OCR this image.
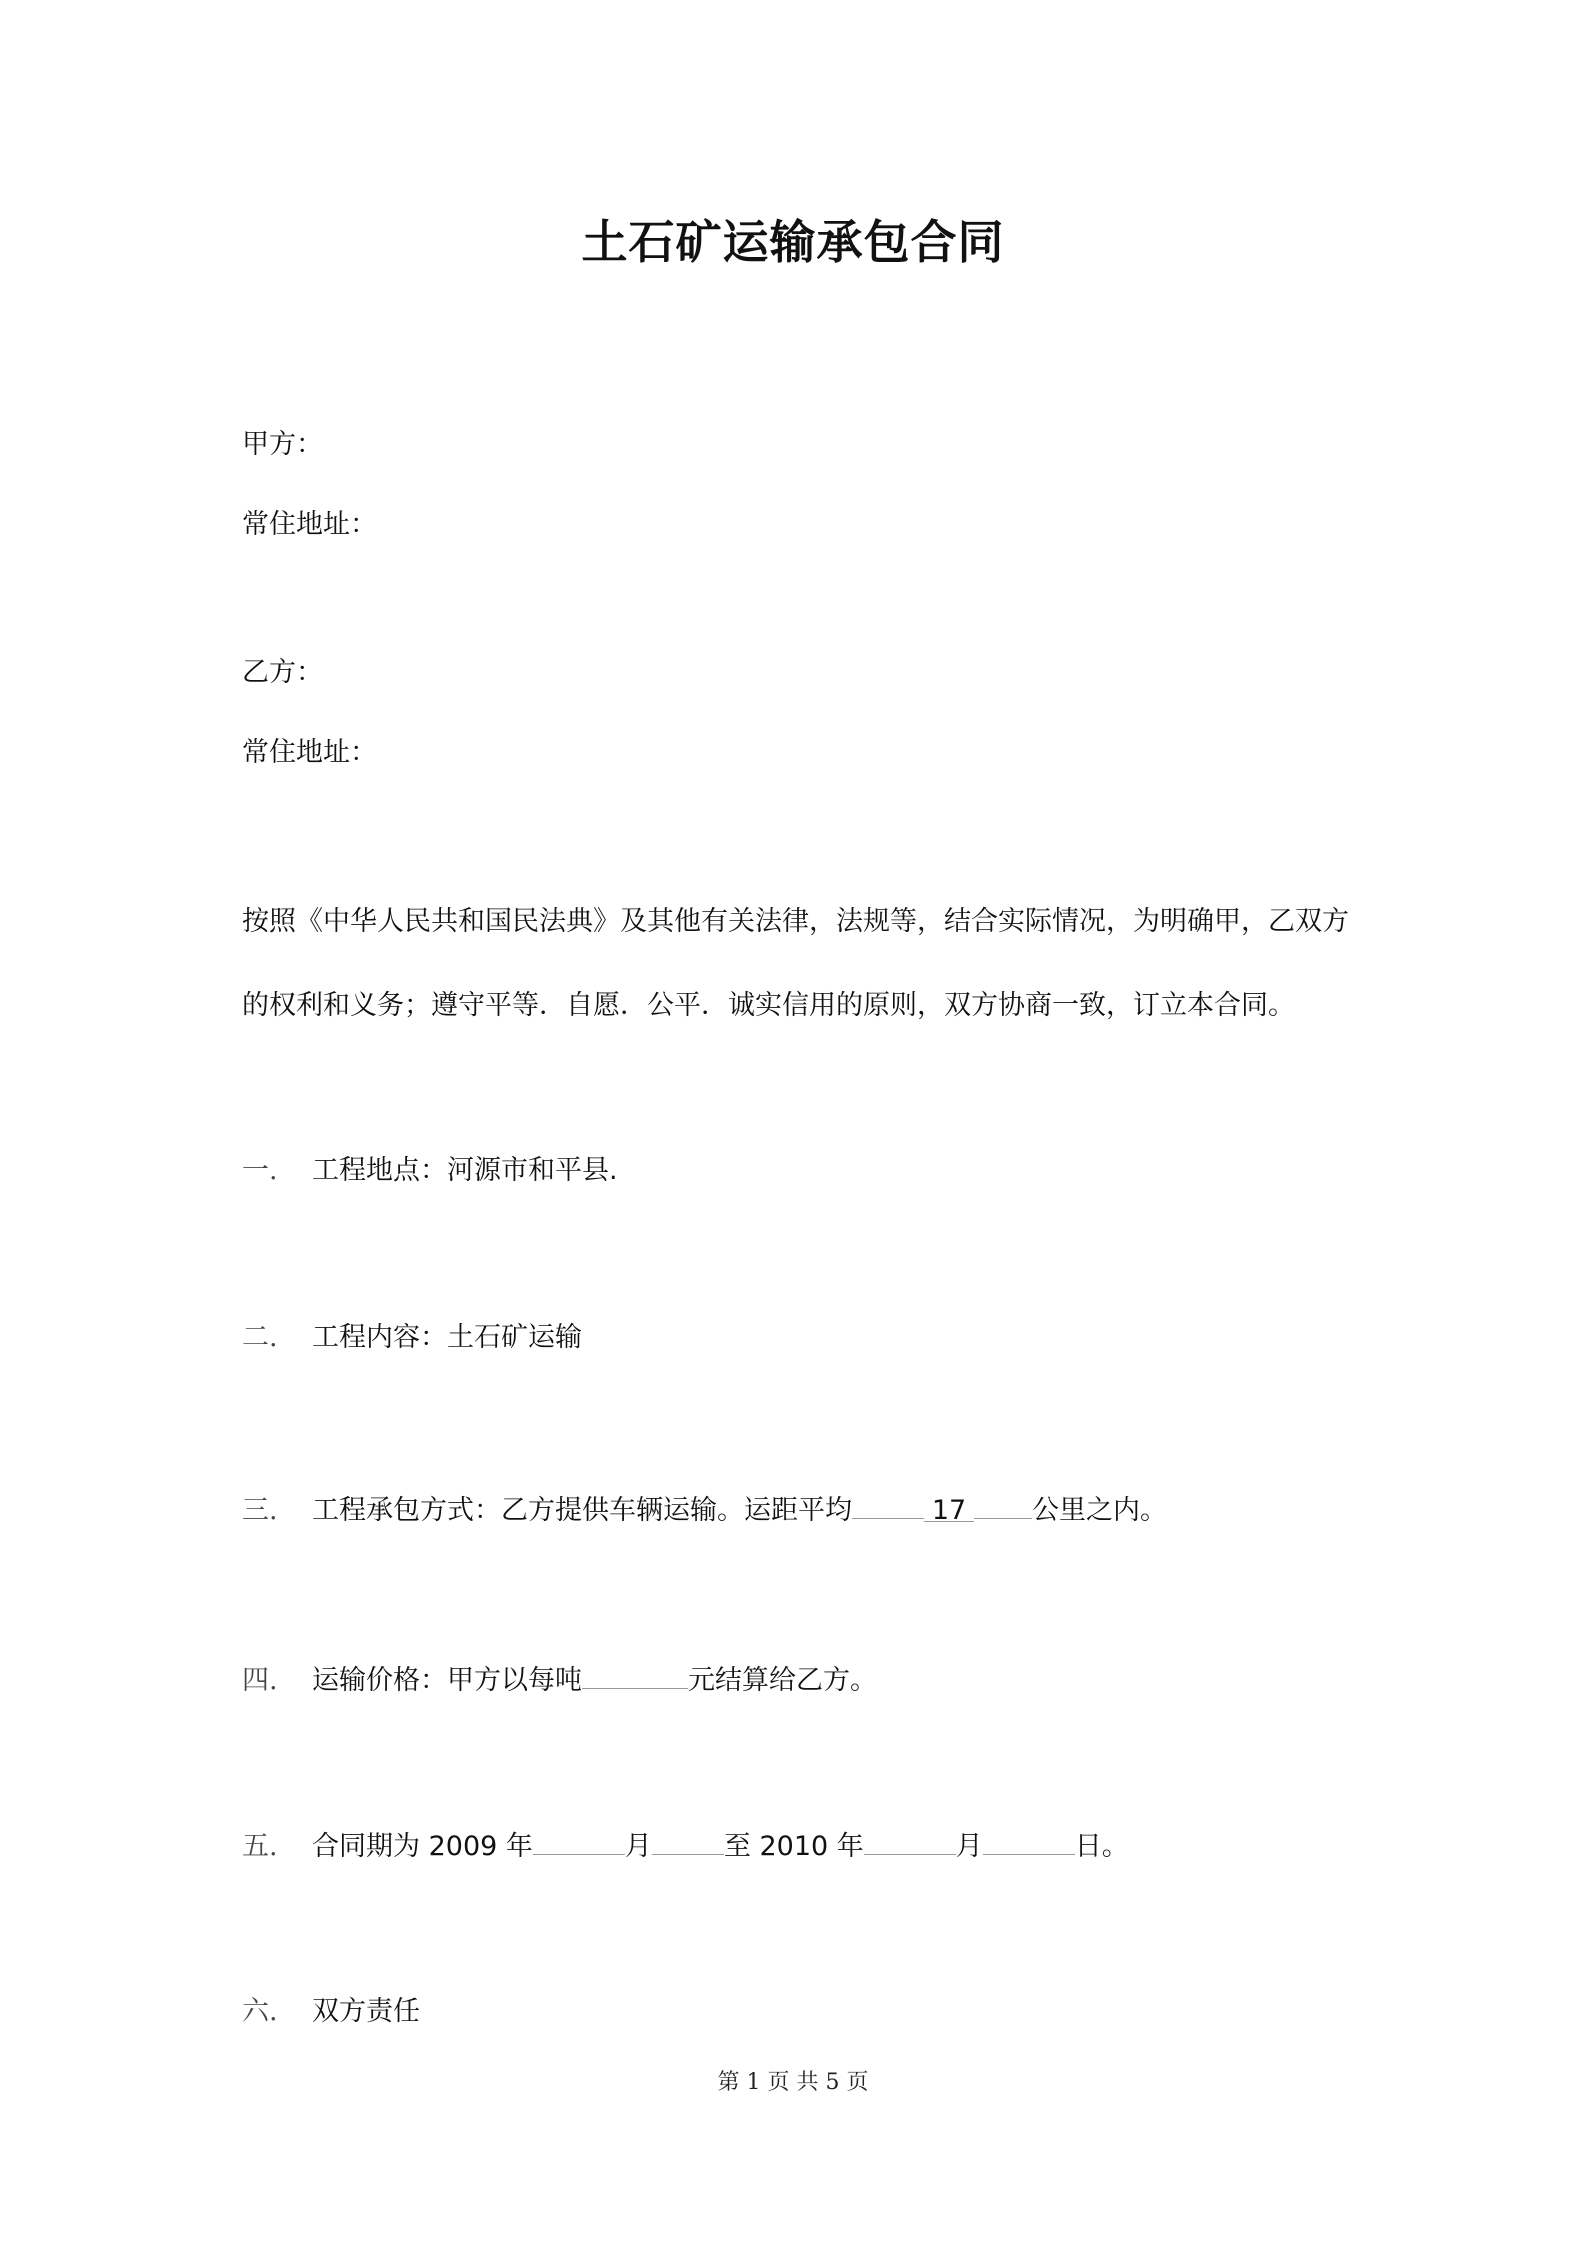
土石矿运输承包合同
甲方：
常住地址：
乙方：
常住地址：
按照《中华人民共和国民法典》及其他有关法律，法规等，结合实际情况，为明确甲，乙双方
的权利和义务；遵守平等．自愿．公平．诚实信用的原则，双方协商一致，订立本合同。
一. 工程地点：河源市和平县.
二. 工程内容：土石矿运输
三. 工程承包方式：乙方提供车辆运输。运距平均	17 公里之内。
四. 运输价格：甲方以每吨	元结算给乙方。
五. 合同期为 2009 年	月	至 2010 年	月	日。
六. 双方责任
第 1 页 共 5 页
